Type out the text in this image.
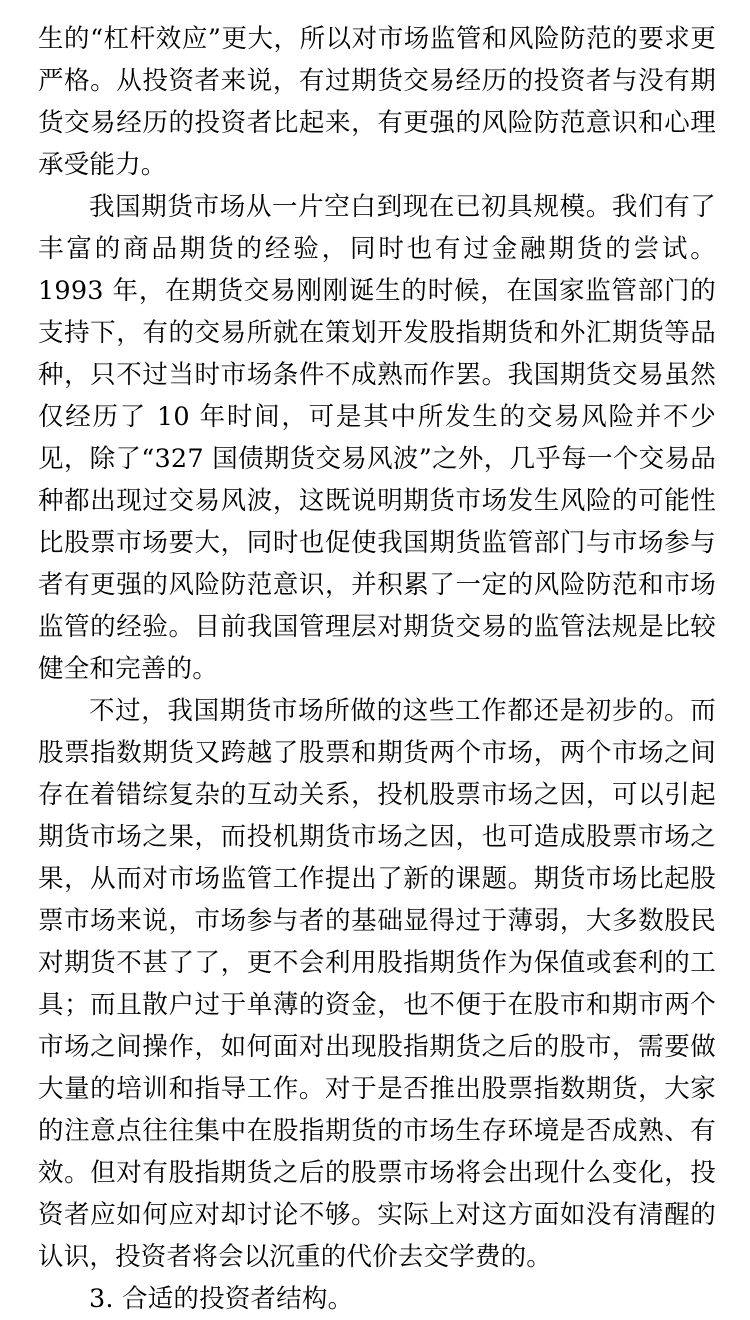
生的“杠杆效应”更大，所以对市场监管和风险防范的要求更严格。从投资者来说，有过期货交易经历的投资者与没有期货交易经历的投资者比起来，有更强的风险防范意识和心理承受能力。

我国期货市场从一片空白到现在已初具规模。我们有了丰富的商品期货的经验，同时也有过金融期货的尝试。1993 年，在期货交易刚刚诞生的时候，在国家监管部门的支持下，有的交易所就在策划开发股指期货和外汇期货等品种，只不过当时市场条件不成熟而作罢。我国期货交易虽然仅经历了 10 年时间，可是其中所发生的交易风险并不少见，除了“327 国债期货交易风波”之外，几乎每一个交易品种都出现过交易风波，这既说明期货市场发生风险的可能性比股票市场要大，同时也促使我国期货监管部门与市场参与者有更强的风险防范意识，并积累了一定的风险防范和市场监管的经验。目前我国管理层对期货交易的监管法规是比较健全和完善的。

不过，我国期货市场所做的这些工作都还是初步的。而股票指数期货又跨越了股票和期货两个市场，两个市场之间存在着错综复杂的互动关系，投机股票市场之因，可以引起期货市场之果，而投机期货市场之因，也可造成股票市场之果，从而对市场监管工作提出了新的课题。期货市场比起股票市场来说，市场参与者的基础显得过于薄弱，大多数股民对期货不甚了了，更不会利用股指期货作为保值或套利的工具；而且散户过于单薄的资金，也不便于在股市和期市两个市场之间操作，如何面对出现股指期货之后的股市，需要做大量的培训和指导工作。对于是否推出股票指数期货，大家的注意点往往集中在股指期货的市场生存环境是否成熟、有效。但对有股指期货之后的股票市场将会出现什么变化，投资者应如何应对却讨论不够。实际上对这方面如没有清醒的认识，投资者将会以沉重的代价去交学费的。

3. 合适的投资者结构。
